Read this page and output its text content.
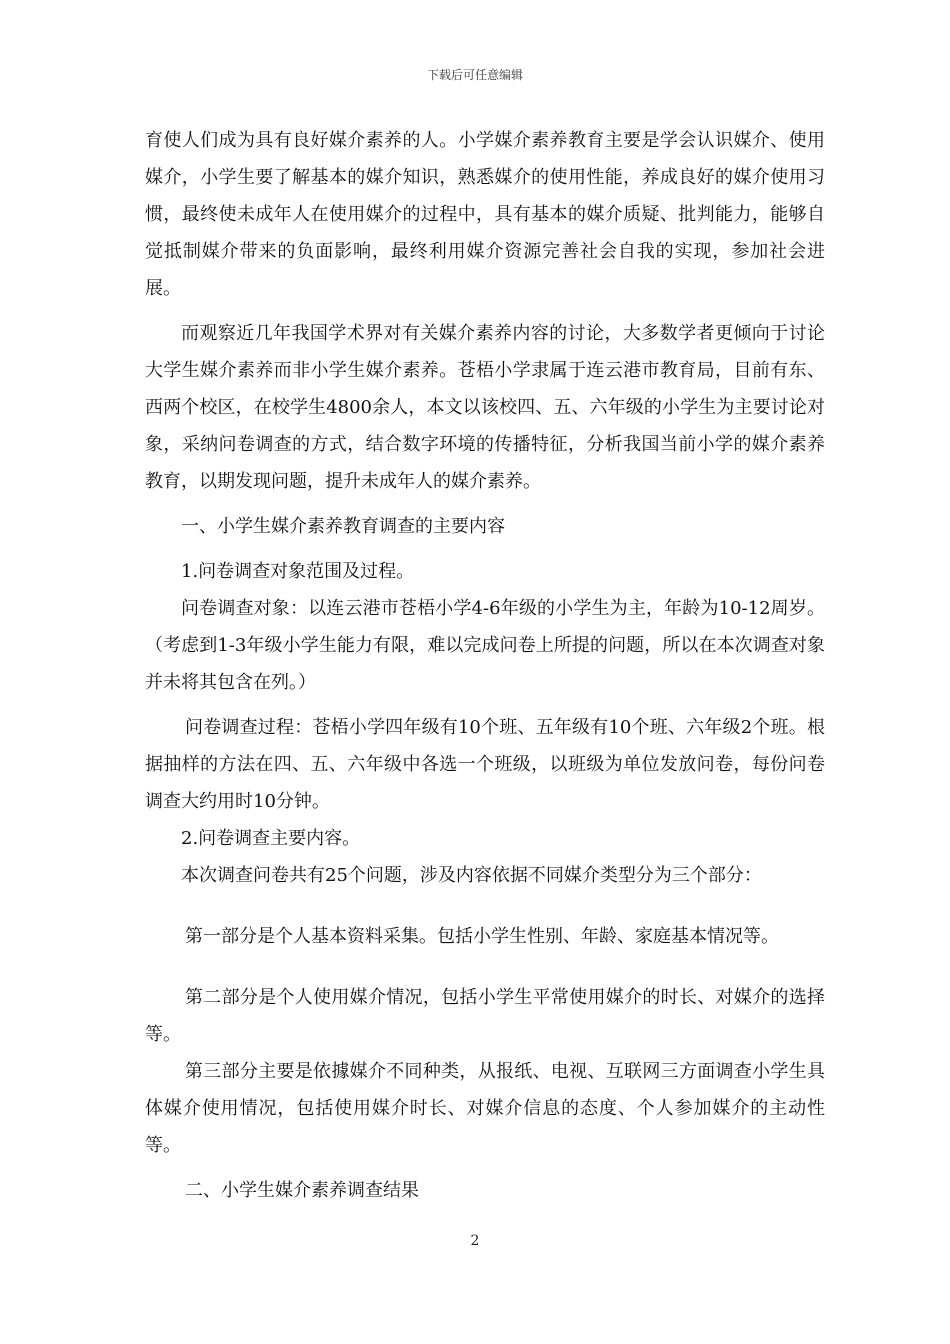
下载后可任意编辑

育使人们成为具有良好媒介素养的人。小学媒介素养教育主要是学会认识媒介、使用媒介，小学生要了解基本的媒介知识，熟悉媒介的使用性能，养成良好的媒介使用习惯，最终使未成年人在使用媒介的过程中，具有基本的媒介质疑、批判能力，能够自觉抵制媒介带来的负面影响，最终利用媒介资源完善社会自我的实现，参加社会进展。

而观察近几年我国学术界对有关媒介素养内容的讨论，大多数学者更倾向于讨论大学生媒介素养而非小学生媒介素养。苍梧小学隶属于连云港市教育局，目前有东、西两个校区，在校学生4800余人，本文以该校四、五、六年级的小学生为主要讨论对象，采纳问卷调查的方式，结合数字环境的传播特征，分析我国当前小学的媒介素养教育，以期发现问题，提升未成年人的媒介素养。

一、小学生媒介素养教育调查的主要内容

1.问卷调查对象范围及过程。

问卷调查对象：以连云港市苍梧小学4-6年级的小学生为主，年龄为10-12周岁。（考虑到1-3年级小学生能力有限，难以完成问卷上所提的问题，所以在本次调查对象并未将其包含在列。）

问卷调查过程：苍梧小学四年级有10个班、五年级有10个班、六年级2个班。根据抽样的方法在四、五、六年级中各选一个班级，以班级为单位发放问卷，每份问卷调查大约用时10分钟。

2.问卷调查主要内容。

本次调查问卷共有25个问题，涉及内容依据不同媒介类型分为三个部分：

第一部分是个人基本资料采集。包括小学生性别、年龄、家庭基本情况等。

第二部分是个人使用媒介情况，包括小学生平常使用媒介的时长、对媒介的选择等。

第三部分主要是依據媒介不同种类，从报纸、电视、互联网三方面调查小学生具体媒介使用情况，包括使用媒介时长、对媒介信息的态度、个人参加媒介的主动性等。

二、小学生媒介素养调查结果

2
